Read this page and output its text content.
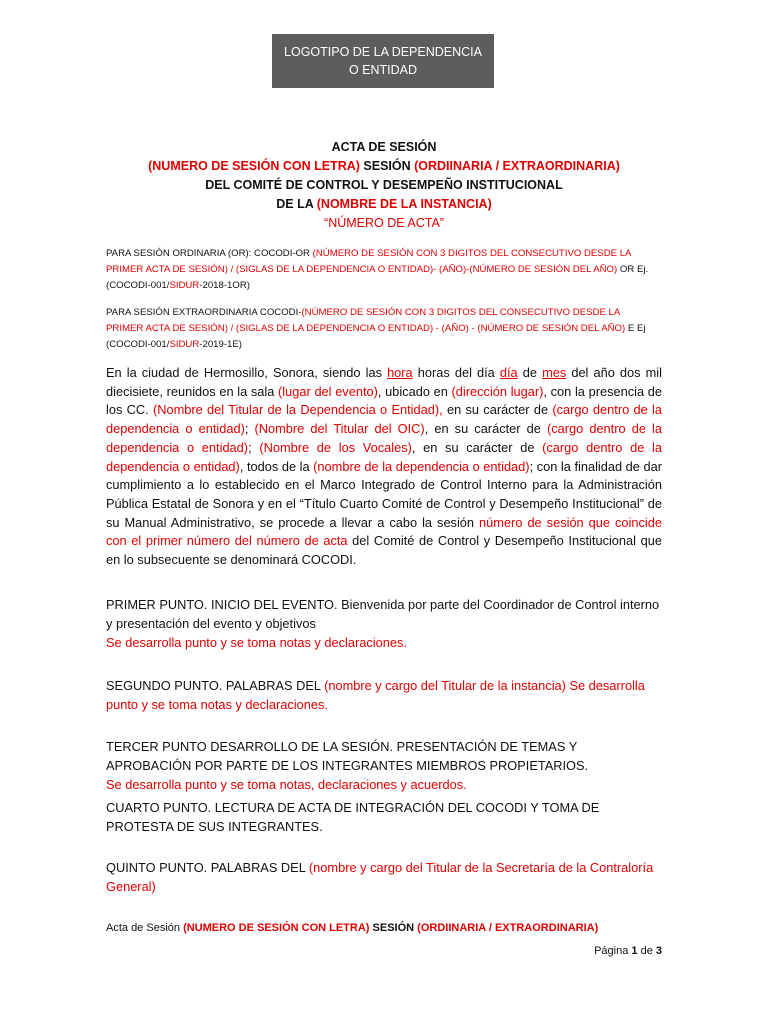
LOGOTIPO DE LA DEPENDENCIA O ENTIDAD
ACTA DE SESIÓN
(NUMERO DE SESIÓN CON LETRA) SESIÓN (ORDIINARIA / EXTRAORDINARIA)
DEL COMITÉ DE CONTROL Y DESEMPEÑO INSTITUCIONAL
DE LA (NOMBRE DE LA INSTANCIA)
“NÚMERO DE ACTA”

PARA SESIÓN ORDINARIA (OR): COCODI-OR (NÚMERO DE SESIÓN CON 3 DIGITOS DEL CONSECUTIVO DESDE LA PRIMER ACTA DE SESIÓN) / (SIGLAS DE LA DEPENDENCIA O ENTIDAD)- (AÑO)-(NÚMERO DE SESIÓN DEL AÑO) OR Ej. (COCODI-001/SIDUR-2018-1OR)

PARA SESIÓN EXTRAORDINARIA COCODI-(NÚMERO DE SESIÓN CON 3 DIGITOS DEL CONSECUTIVO DESDE LA PRIMER ACTA DE SESIÓN) / (SIGLAS DE LA DEPENDENCIA O ENTIDAD) - (AÑO) - (NÚMERO DE SESIÓN DEL AÑO) E Ej (COCODI-001/SIDUR-2019-1E)

En la ciudad de Hermosillo, Sonora, siendo las hora horas del día día de mes del año dos mil diecisiete, reunidos en la sala (lugar del evento), ubicado en (dirección lugar), con la presencia de los CC. (Nombre del Titular de la Dependencia o Entidad), en su carácter de (cargo dentro de la dependencia o entidad); (Nombre del Titular del OIC), en su carácter de (cargo dentro de la dependencia o entidad); (Nombre de los Vocales), en su carácter de (cargo dentro de la dependencia o entidad), todos de la (nombre de la dependencia o entidad); con la finalidad de dar cumplimiento a lo establecido en el Marco Integrado de Control Interno para la Administración Pública Estatal de Sonora y en el “Título Cuarto Comité de Control y Desempeño Institucional” de su Manual Administrativo, se procede a llevar a cabo la sesión número de sesión que coincide con el primer número del número de acta del Comité de Control y Desempeño Institucional que en lo subsecuente se denominará COCODI.

PRIMER PUNTO. INICIO DEL EVENTO. Bienvenida por parte del Coordinador de Control interno y presentación del evento y objetivos

Se desarrolla punto y se toma notas y declaraciones.

SEGUNDO PUNTO. PALABRAS DEL (nombre y cargo del Titular de la instancia) Se desarrolla punto y se toma notas y declaraciones.

TERCER PUNTO DESARROLLO DE LA SESIÓN. PRESENTACIÓN DE TEMAS Y APROBACIÓN POR PARTE DE LOS INTEGRANTES MIEMBROS PROPIETARIOS.

Se desarrolla punto y se toma notas, declaraciones y acuerdos.

CUARTO PUNTO. LECTURA DE ACTA DE INTEGRACIÓN DEL COCODI Y TOMA DE PROTESTA DE SUS INTEGRANTES.

QUINTO PUNTO. PALABRAS DEL (nombre y cargo del Titular de la Secretaría de la Contraloría General)

Acta de Sesión (NUMERO DE SESIÓN CON LETRA) SESIÓN (ORDIINARIA / EXTRAORDINARIA)
Página 1 de 3
